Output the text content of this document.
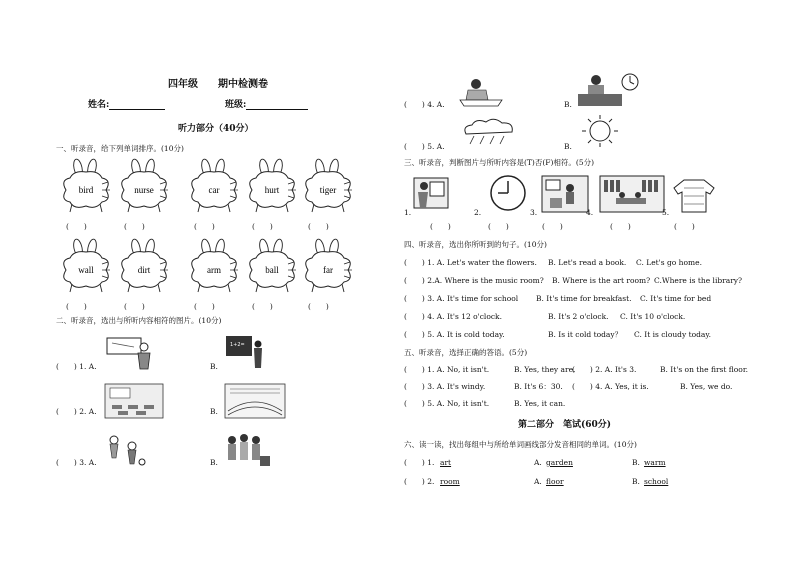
四年级 期中检测卷
姓名:	班级:
听力部分（40分）
一、听录音，给下列单词排序。(10分)
bird
(　　)
nurse
(　　)
car
(　　)
hurt
(　　)
tiger
(　　)
wall
(　　)
dirt
(　　)
arm
(　　)
ball
(　　)
far
(　　)
二、听录音，选出与所听内容相符的图片。(10分)
(　　) 1. A.	B.
1+2=
(　　) 2. A.	B.
(　　) 3. A.	B.
(　　) 4. A.	B.
(　　) 5. A.	B.
三、听录音，判断图片与所听内容是(T)否(F)相符。(5分)
1.
(　　)
2.
(　　)
3.
(　　)
4.
(　　)
5.
(　　)
四、听录音，选出你所听到的句子。(10分)
(　　) 1. A. Let's water the flowers. B. Let's read a book. C. Let's go home.
(　　) 2.A. Where is the music room? B. Where is the art room? C.Where is the library?
(　　) 3. A. It's time for school B. It's time for breakfast. C. It's time for bed
(　　) 4. A. It's 12 o'clock.	B. It's 2 o'clock. C. It's 10 o'clock.
(　　) 5. A. It is cold today.	B. Is it cold today？ C. It is cloudy today.
五、听录音，选择正确的答语。(5分)
(　　) 1. A. No, it isn't.	B. Yes, they are.
(　　) 2. A. It's 3.	B. It's on the first floor.
(　　) 3. A. It's windy.	B. It's 6：30. (　　) 4. A. Yes, it is.	B. Yes, we do.
(　　) 5. A. No, it isn't.	B. Yes, it can.
第二部分　笔试(60分)
六、读一读，找出每组中与所给单词画线部分发音相同的单词。(10分)
(　　) 1. art	A. garden	B. warm
(　　) 2. room	A. floor	B. school
